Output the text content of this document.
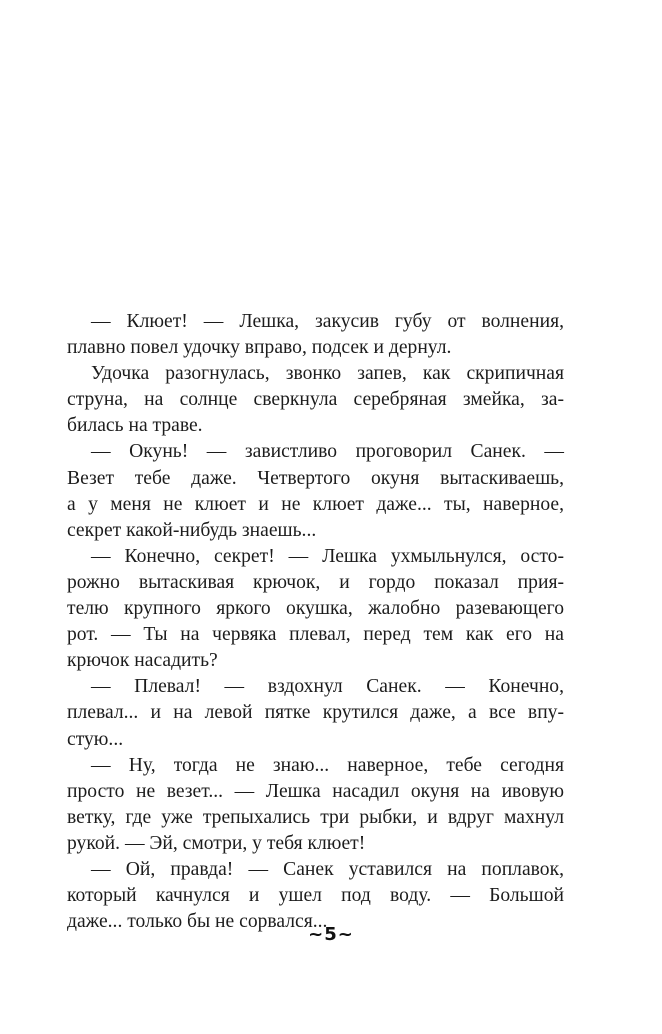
— Клюет! — Лешка, закусив губу от волнения,
плавно повел удочку вправо, подсек и дернул.
Удочка разогнулась, звонко запев, как скрипичная
струна, на солнце сверкнула серебряная змейка, за-
билась на траве.
— Окунь! — завистливо проговорил Санек. —
Везет тебе даже. Четвертого окуня вытаскиваешь,
а у меня не клюет и не клюет даже... ты, наверное,
секрет какой-нибудь знаешь...
— Конечно, секрет! — Лешка ухмыльнулся, осто-
рожно вытаскивая крючок, и гордо показал прия-
телю крупного яркого окушка, жалобно разевающего
рот. — Ты на червяка плевал, перед тем как его на
крючок насадить?
— Плевал! — вздохнул Санек. — Конечно,
плевал... и на левой пятке крутился даже, а все впу-
стую...
— Ну, тогда не знаю... наверное, тебе сегодня
просто не везет... — Лешка насадил окуня на ивовую
ветку, где уже трепыхались три рыбки, и вдруг махнул
рукой. — Эй, смотри, у тебя клюет!
— Ой, правда! — Санек уставился на поплавок,
который качнулся и ушел под воду. — Большой
даже... только бы не сорвался...
~5~
